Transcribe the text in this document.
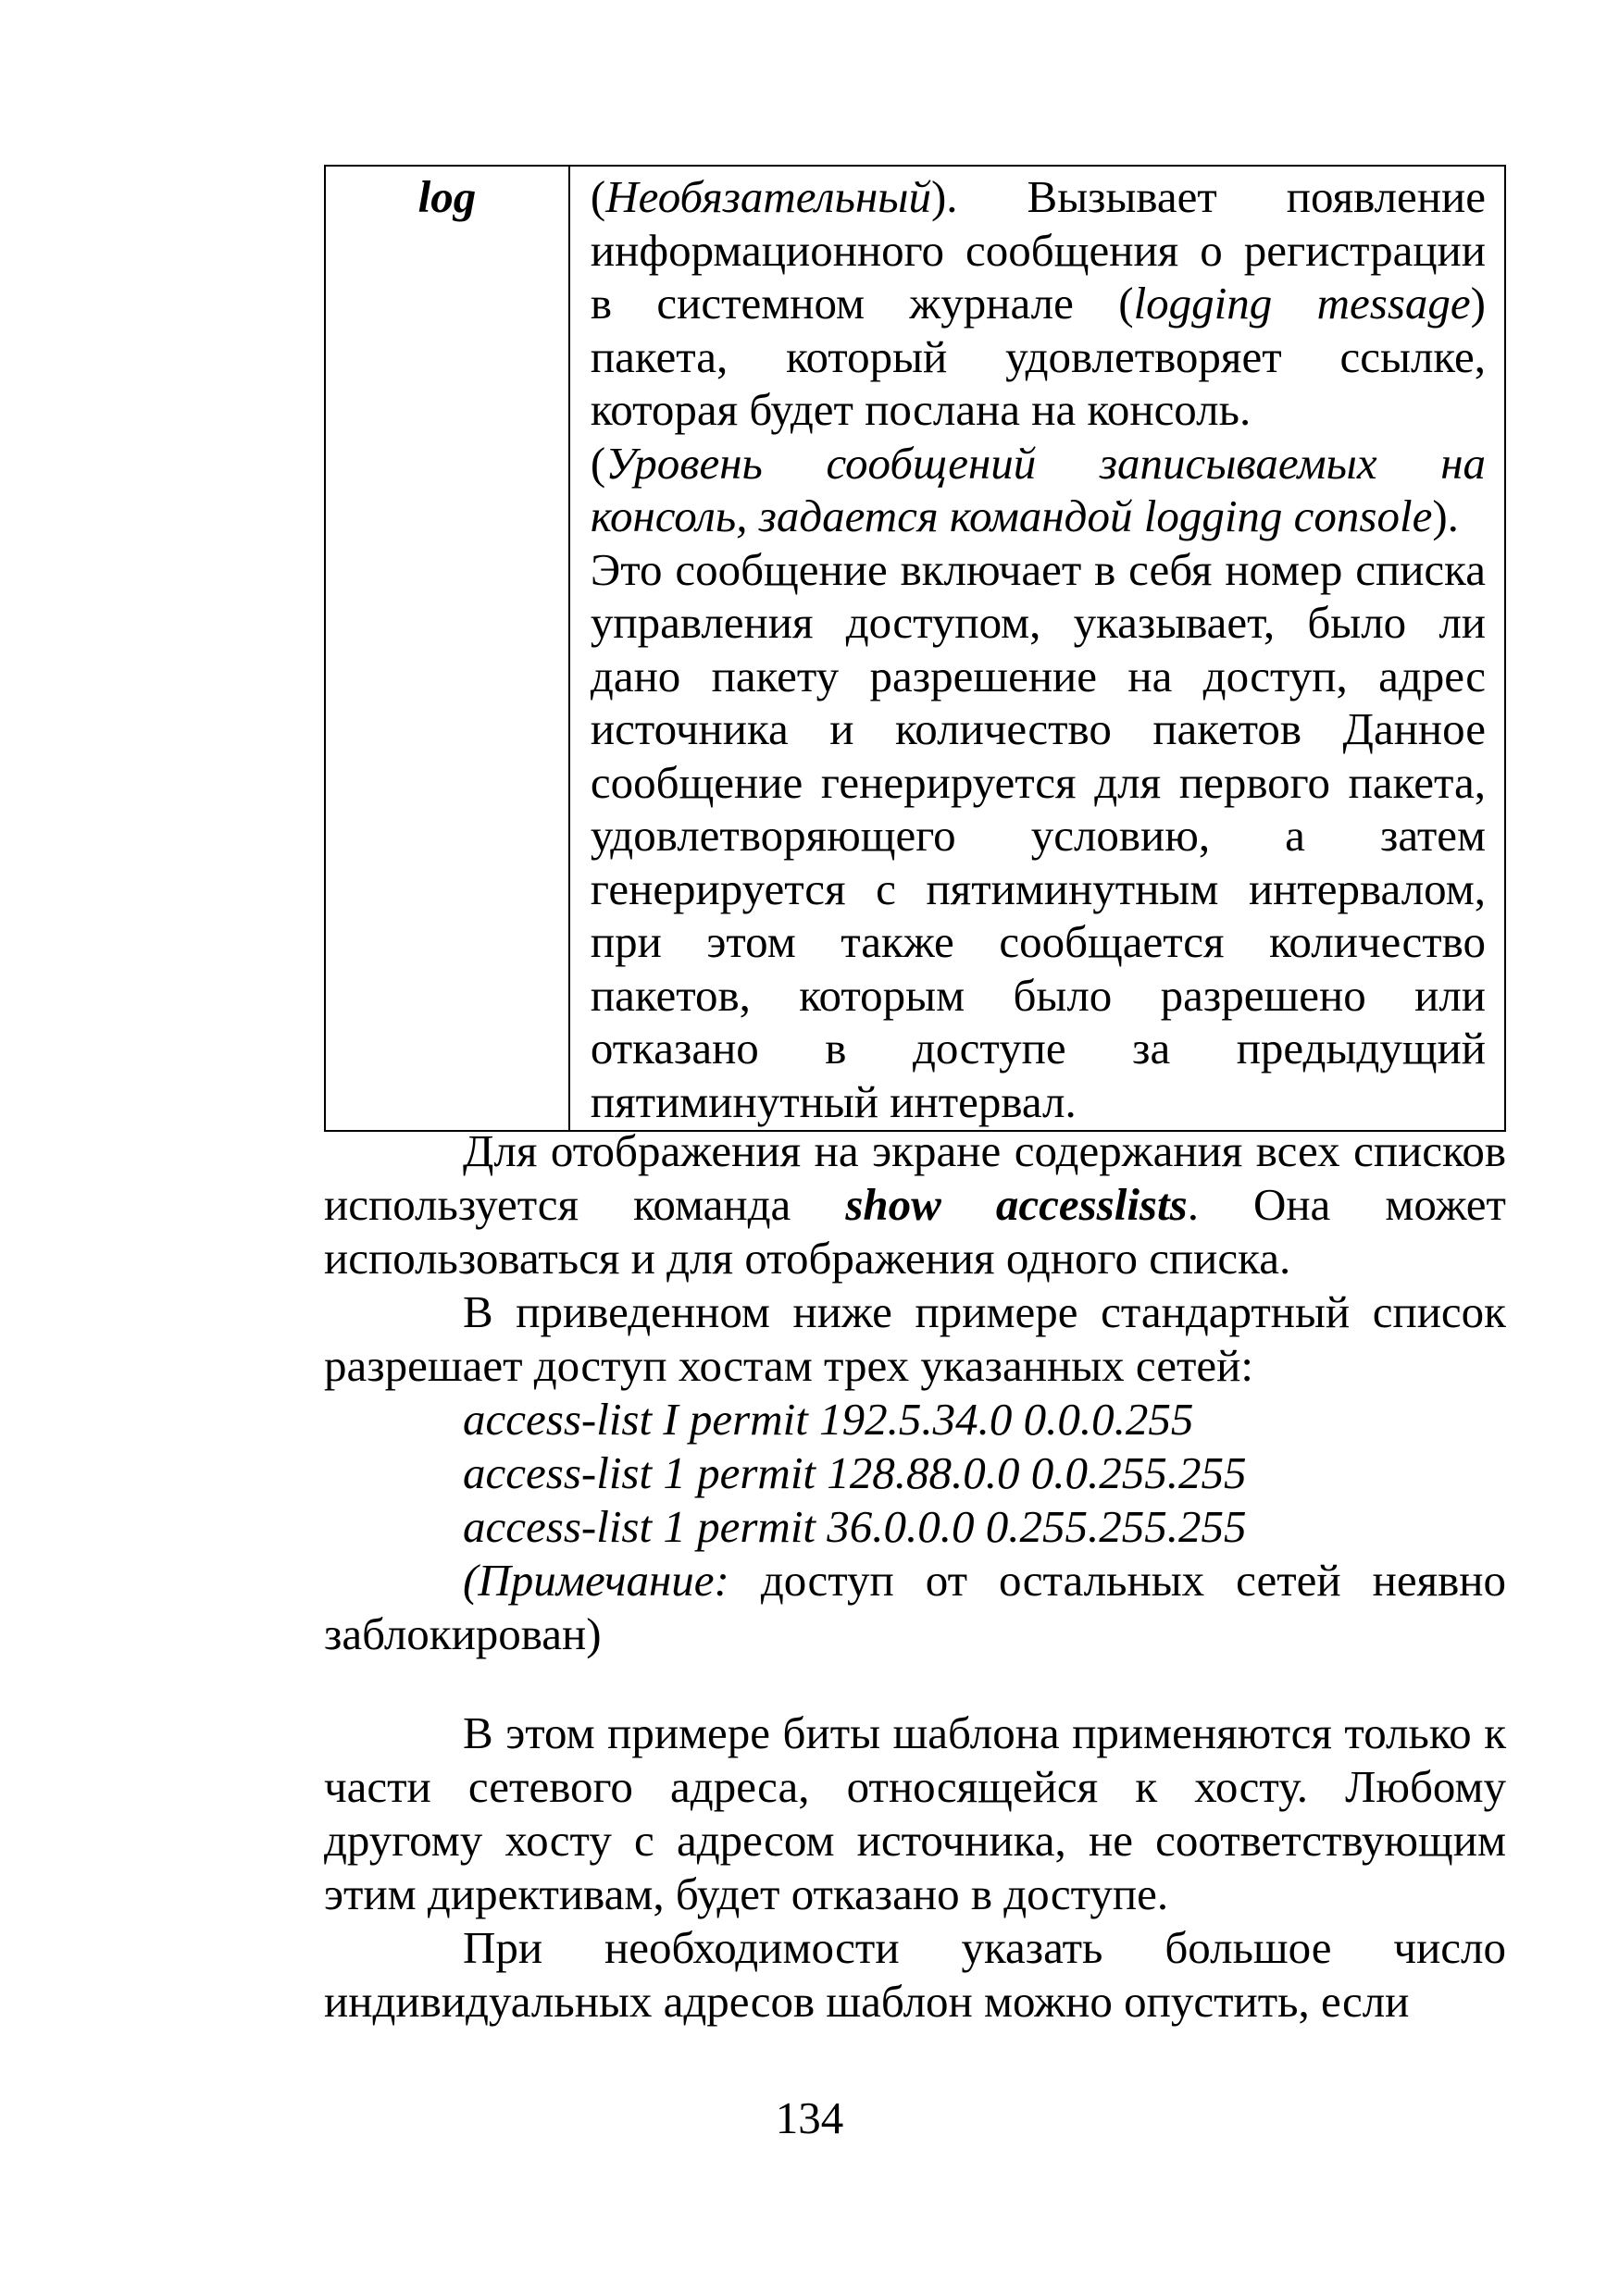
log	(Необязательный). Вызывает появление информационного сообщения о регистрации в системном журнале (logging message) пакета, который удовлетворяет ссылке, которая будет послана на консоль.

(Уровень сообщений записываемых на консоль, задается командой logging console).

Это сообщение включает в себя номер списка управления доступом, указывает, было ли дано пакету разрешение на доступ, адрес источника и количество пакетов Данное сообщение генерируется для первого пакета, удовлетворяющего условию, а затем генерируется с пятиминутным интервалом, при этом также сообщается количество пакетов, которым было разрешено или отказано в доступе за предыдущий пятиминутный интервал.

Для отображения на экране содержания всех списков используется команда show accesslists. Она может использоваться и для отображения одного списка.

В приведенном ниже примере стандартный список разрешает доступ хостам трех указанных сетей:

access-list I permit 192.5.34.0 0.0.0.255

access-list 1 permit 128.88.0.0 0.0.255.255

access-list 1 permit 36.0.0.0 0.255.255.255

(Примечание: доступ от остальных сетей неявно заблокирован)

В этом примере биты шаблона применяются только к части сетевого адреса, относящейся к хосту. Любому другому хосту с адресом источника, не соответствующим этим директивам, будет отказано в доступе.

При необходимости указать большое число индивидуальных адресов шаблон можно опустить, если

134
